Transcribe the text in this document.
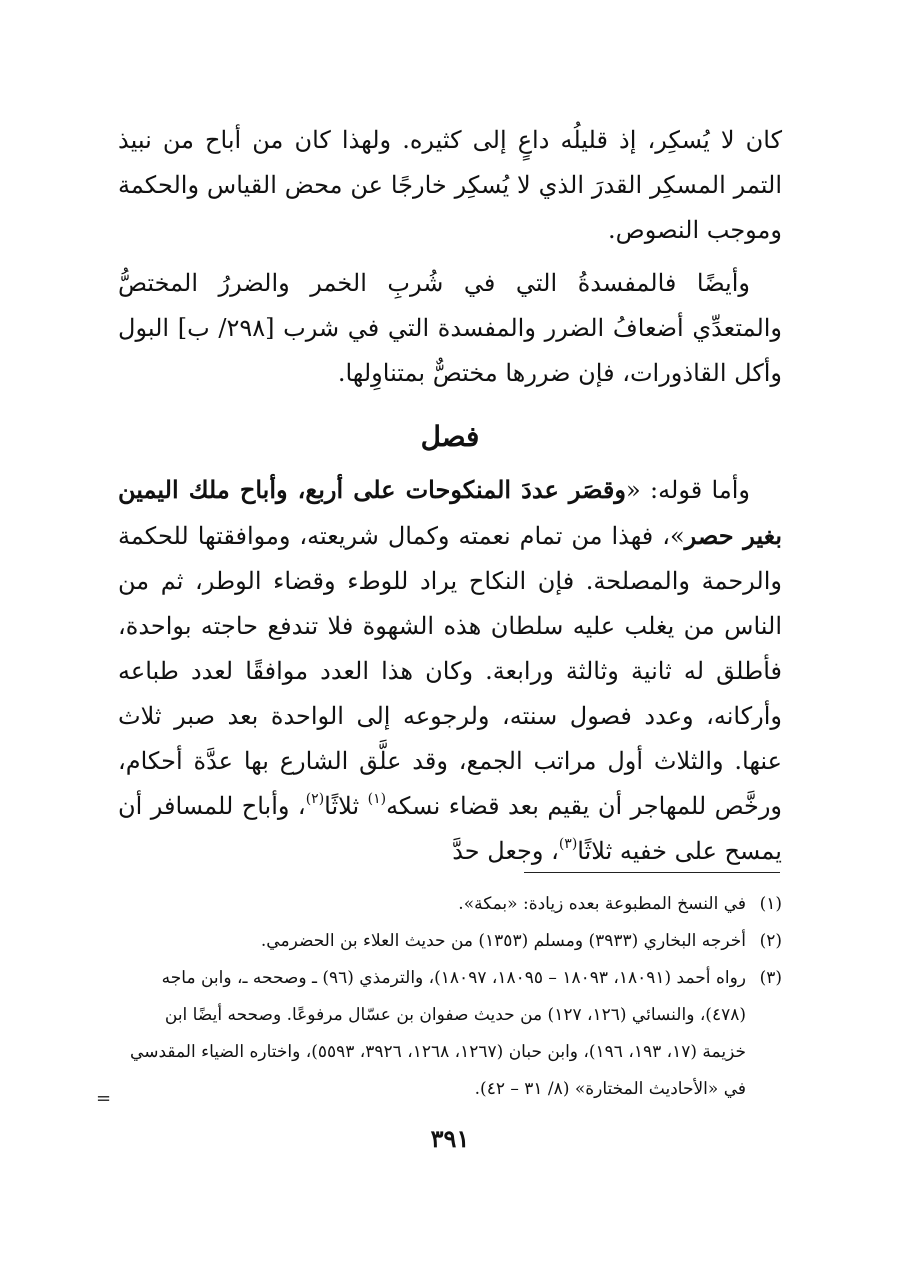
كان لا يُسكِر، إذ قليلُه داعٍ إلى كثيره. ولهذا كان من أباح من نبيذ التمر المسكِر القدرَ الذي لا يُسكِر خارجًا عن محض القياس والحكمة وموجب النصوص.

وأيضًا فالمفسدةُ التي في شُربِ الخمر والضررُ المختصُّ والمتعدِّي أضعافُ الضرر والمفسدة التي في شرب [٢٩٨/ ب] البول وأكل القاذورات، فإن ضررها مختصٌّ بمتناوِلها.

فصل

وأما قوله: «وقصَر عددَ المنكوحات على أربع، وأباح ملك اليمين بغير حصر»، فهذا من تمام نعمته وكمال شريعته، وموافقتها للحكمة والرحمة والمصلحة. فإن النكاح يراد للوطء وقضاء الوطر، ثم من الناس من يغلب عليه سلطان هذه الشهوة فلا تندفع حاجته بواحدة، فأطلق له ثانية وثالثة ورابعة. وكان هذا العدد موافقًا لعدد طباعه وأركانه، وعدد فصول سنته، ولرجوعه إلى الواحدة بعد صبر ثلاث عنها. والثلاث أول مراتب الجمع، وقد علَّق الشارع بها عدَّة أحكام، ورخَّص للمهاجر أن يقيم بعد قضاء نسكه$^{(١)}$ ثلاثًا$^{(٢)}$، وأباح للمسافر أن يمسح على خفيه ثلاثًا$^{(٣)}$، وجعل حدَّ

(١)
في النسخ المطبوعة بعده زيادة: «بمكة».
(٢)
أخرجه البخاري (٣٩٣٣) ومسلم (١٣٥٣) من حديث العلاء بن الحضرمي.
(٣)
رواه أحمد (١٨٠٩١، ١٨٠٩٣ – ١٨٠٩٥، ١٨٠٩٧)، والترمذي (٩٦) ـ وصححه ـ، وابن ماجه (٤٧٨)، والنسائي (١٢٦، ١٢٧) من حديث صفوان بن عسّال مرفوعًا. وصححه أيضًا ابن خزيمة (١٧، ١٩٣، ١٩٦)، وابن حبان (١٢٦٧، ١٢٦٨، ٣٩٢٦، ٥٥٩٣)، واختاره الضياء المقدسي في «الأحاديث المختارة» (٨/ ٣١ – ٤٢).
=
٣٩١
